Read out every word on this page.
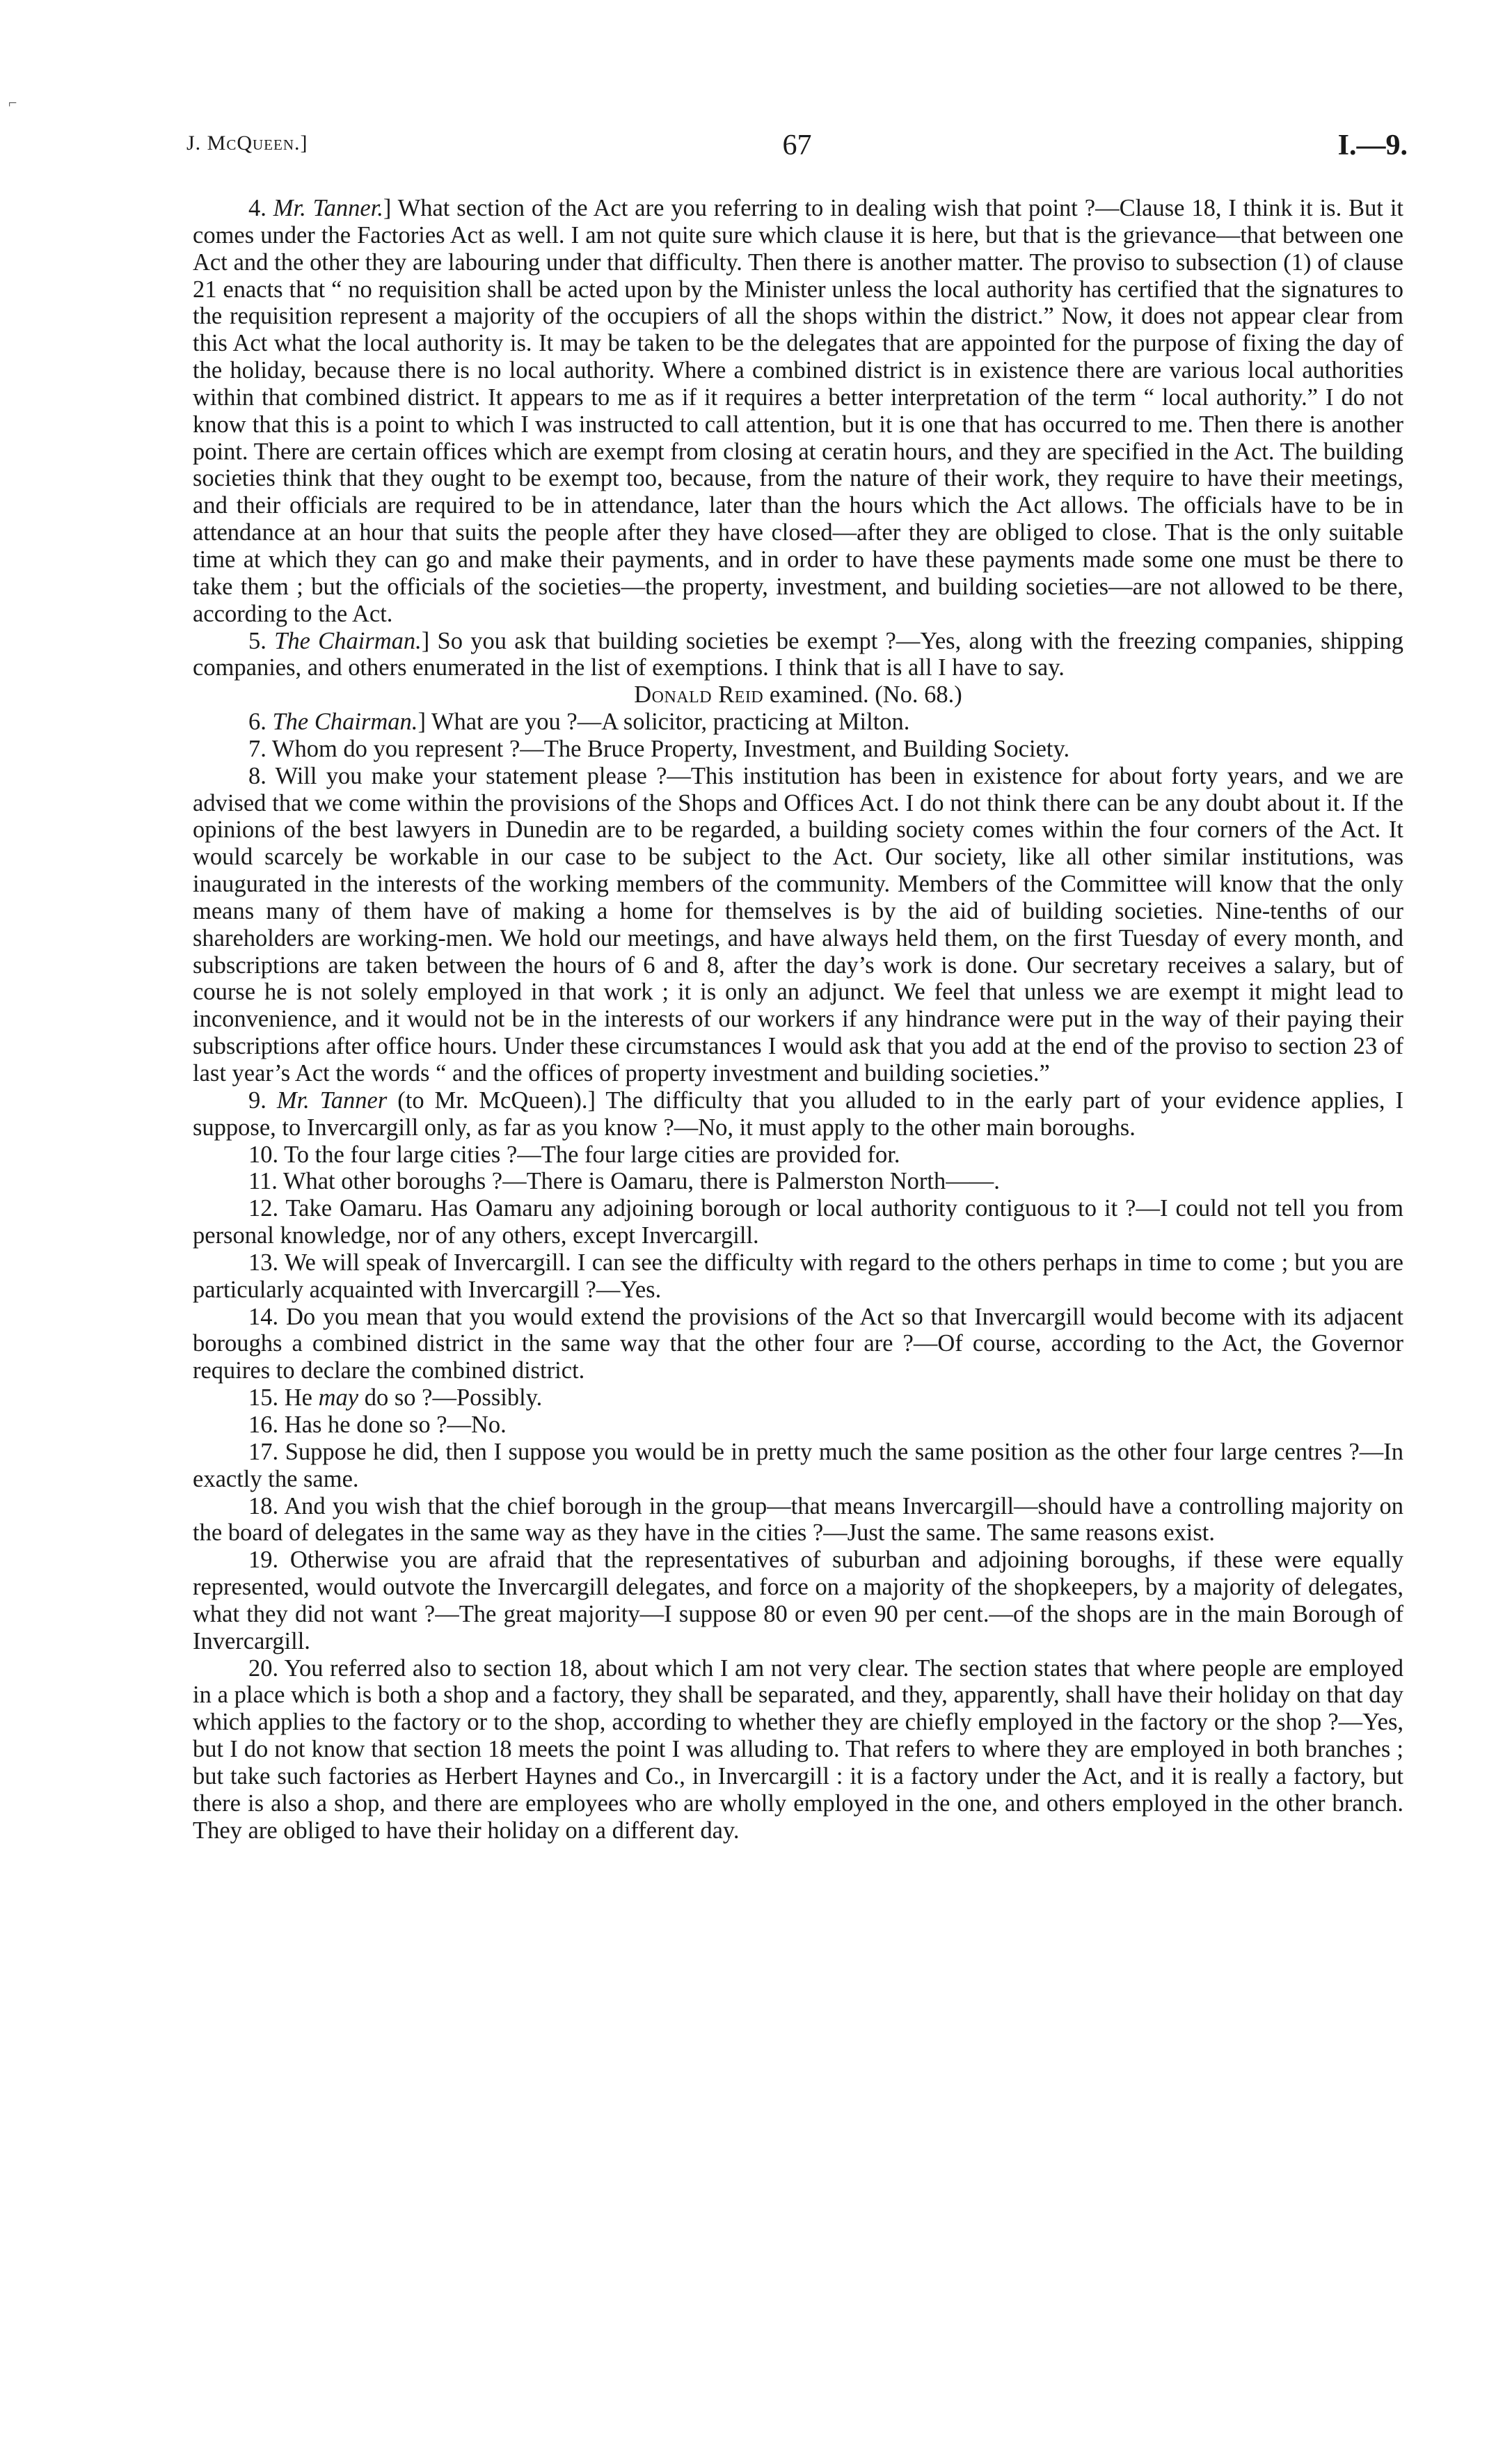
⌐
J. McQueen.]	67	I.—9.

4. Mr. Tanner.] What section of the Act are you referring to in dealing wish that point ?—Clause 18, I think it is. But it comes under the Factories Act as well. I am not quite sure which clause it is here, but that is the grievance—that between one Act and the other they are labouring under that difficulty. Then there is another matter. The proviso to subsection (1) of clause 21 enacts that “ no requisition shall be acted upon by the Minister unless the local authority has certified that the signatures to the requisition represent a majority of the occupiers of all the shops within the district.” Now, it does not appear clear from this Act what the local authority is. It may be taken to be the delegates that are appointed for the purpose of fixing the day of the holiday, because there is no local authority. Where a combined district is in existence there are various local authorities within that combined district. It appears to me as if it requires a better interpretation of the term “ local authority.” I do not know that this is a point to which I was instructed to call attention, but it is one that has occurred to me. Then there is another point. There are certain offices which are exempt from closing at ceratin hours, and they are specified in the Act. The building societies think that they ought to be exempt too, because, from the nature of their work, they require to have their meetings, and their officials are required to be in attendance, later than the hours which the Act allows. The officials have to be in attendance at an hour that suits the people after they have closed—after they are obliged to close. That is the only suitable time at which they can go and make their payments, and in order to have these payments made some one must be there to take them ; but the officials of the societies—the property, investment, and building societies—are not allowed to be there, according to the Act.

5. The Chairman.] So you ask that building societies be exempt ?—Yes, along with the freezing companies, shipping companies, and others enumerated in the list of exemptions. I think that is all I have to say.

Donald Reid examined. (No. 68.)

6. The Chairman.] What are you ?—A solicitor, practicing at Milton.

7. Whom do you represent ?—The Bruce Property, Investment, and Building Society.

8. Will you make your statement please ?—This institution has been in existence for about forty years, and we are advised that we come within the provisions of the Shops and Offices Act. I do not think there can be any doubt about it. If the opinions of the best lawyers in Dunedin are to be regarded, a building society comes within the four corners of the Act. It would scarcely be workable in our case to be subject to the Act. Our society, like all other similar institutions, was inaugurated in the interests of the working members of the community. Members of the Committee will know that the only means many of them have of making a home for themselves is by the aid of building societies. Nine-tenths of our shareholders are working-men. We hold our meetings, and have always held them, on the first Tuesday of every month, and subscriptions are taken between the hours of 6 and 8, after the day’s work is done. Our secretary receives a salary, but of course he is not solely employed in that work ; it is only an adjunct. We feel that unless we are exempt it might lead to inconvenience, and it would not be in the interests of our workers if any hindrance were put in the way of their paying their subscriptions after office hours. Under these circumstances I would ask that you add at the end of the proviso to section 23 of last year’s Act the words “ and the offices of property investment and building societies.”

9. Mr. Tanner (to Mr. McQueen).] The difficulty that you alluded to in the early part of your evidence applies, I suppose, to Invercargill only, as far as you know ?—No, it must apply to the other main boroughs.

10. To the four large cities ?—The four large cities are provided for.

11. What other boroughs ?—There is Oamaru, there is Palmerston North——.

12. Take Oamaru. Has Oamaru any adjoining borough or local authority contiguous to it ?—I could not tell you from personal knowledge, nor of any others, except Invercargill.

13. We will speak of Invercargill. I can see the difficulty with regard to the others perhaps in time to come ; but you are particularly acquainted with Invercargill ?—Yes.

14. Do you mean that you would extend the provisions of the Act so that Invercargill would become with its adjacent boroughs a combined district in the same way that the other four are ?—Of course, according to the Act, the Governor requires to declare the combined district.

15. He may do so ?—Possibly.

16. Has he done so ?—No.

17. Suppose he did, then I suppose you would be in pretty much the same position as the other four large centres ?—In exactly the same.

18. And you wish that the chief borough in the group—that means Invercargill—should have a controlling majority on the board of delegates in the same way as they have in the cities ?—Just the same. The same reasons exist.

19. Otherwise you are afraid that the representatives of suburban and adjoining boroughs, if these were equally represented, would outvote the Invercargill delegates, and force on a majority of the shopkeepers, by a majority of delegates, what they did not want ?—The great majority—I suppose 80 or even 90 per cent.—of the shops are in the main Borough of Invercargill.

20. You referred also to section 18, about which I am not very clear. The section states that where people are employed in a place which is both a shop and a factory, they shall be separated, and they, apparently, shall have their holiday on that day which applies to the factory or to the shop, according to whether they are chiefly employed in the factory or the shop ?—Yes, but I do not know that section 18 meets the point I was alluding to. That refers to where they are employed in both branches ; but take such factories as Herbert Haynes and Co., in Invercargill : it is a factory under the Act, and it is really a factory, but there is also a shop, and there are employees who are wholly employed in the one, and others employed in the other branch. They are obliged to have their holiday on a different day.
